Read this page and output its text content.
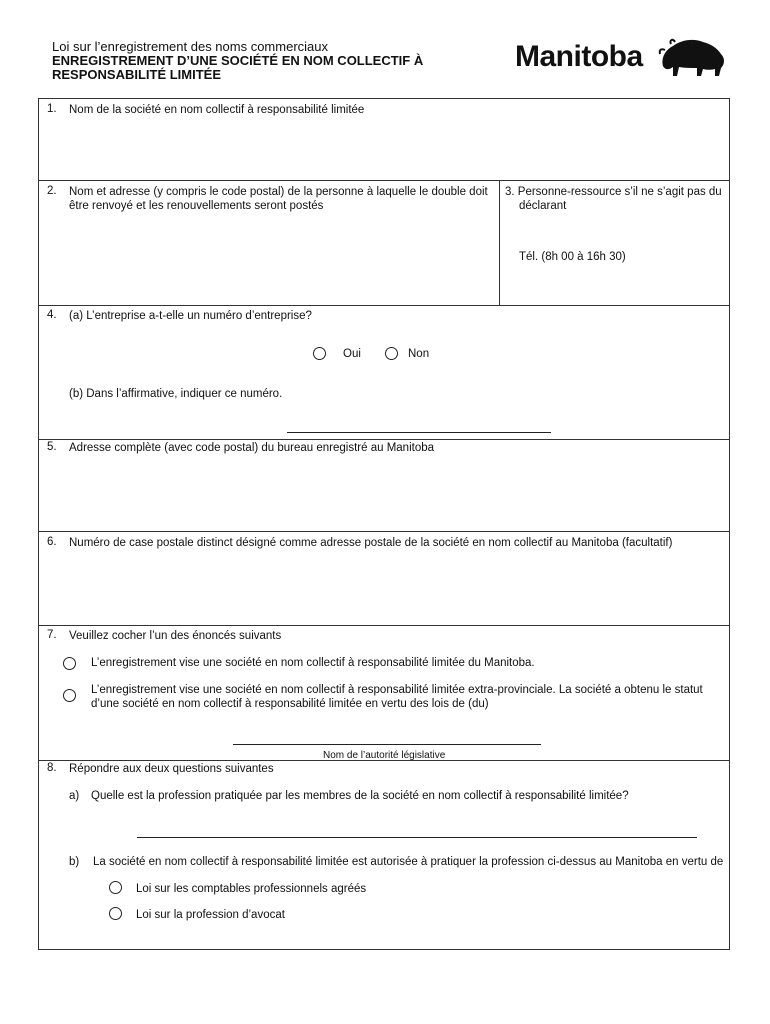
Loi sur l’enregistrement des noms commerciaux
ENREGISTREMENT D’UNE SOCIÉTÉ EN NOM COLLECTIF À
RESPONSABILITÉ LIMITÉE
Manitoba
1. Nom de la société en nom collectif à responsabilité limitée
2. Nom et adresse (y compris le code postal) de la personne à laquelle le double doit
être renvoyé et les renouvellements seront postés
3. Personne-ressource s’il ne s’agit pas du
déclarant
Tél. (8h 00 à 16h 30)
4. (a) L’entreprise a-t-elle un numéro d’entreprise?
Oui	Non
(b) Dans l’affirmative, indiquer ce numéro.
5. Adresse complète (avec code postal) du bureau enregistré au Manitoba
6. Numéro de case postale distinct désigné comme adresse postale de la société en nom collectif au Manitoba (facultatif)
7. Veuillez cocher l’un des énoncés suivants
L’enregistrement vise une société en nom collectif à responsabilité limitée du Manitoba.
L’enregistrement vise une société en nom collectif à responsabilité limitée extra-provinciale. La société a obtenu le statut
d’une société en nom collectif à responsabilité limitée en vertu des lois de (du)
Nom de l’autorité législative
8. Répondre aux deux questions suivantes
a) Quelle est la profession pratiquée par les membres de la société en nom collectif à responsabilité limitée?
b) La société en nom collectif à responsabilité limitée est autorisée à pratiquer la profession ci-dessus au Manitoba en vertu de
Loi sur les comptables professionnels agréés
Loi sur la profession d’avocat
